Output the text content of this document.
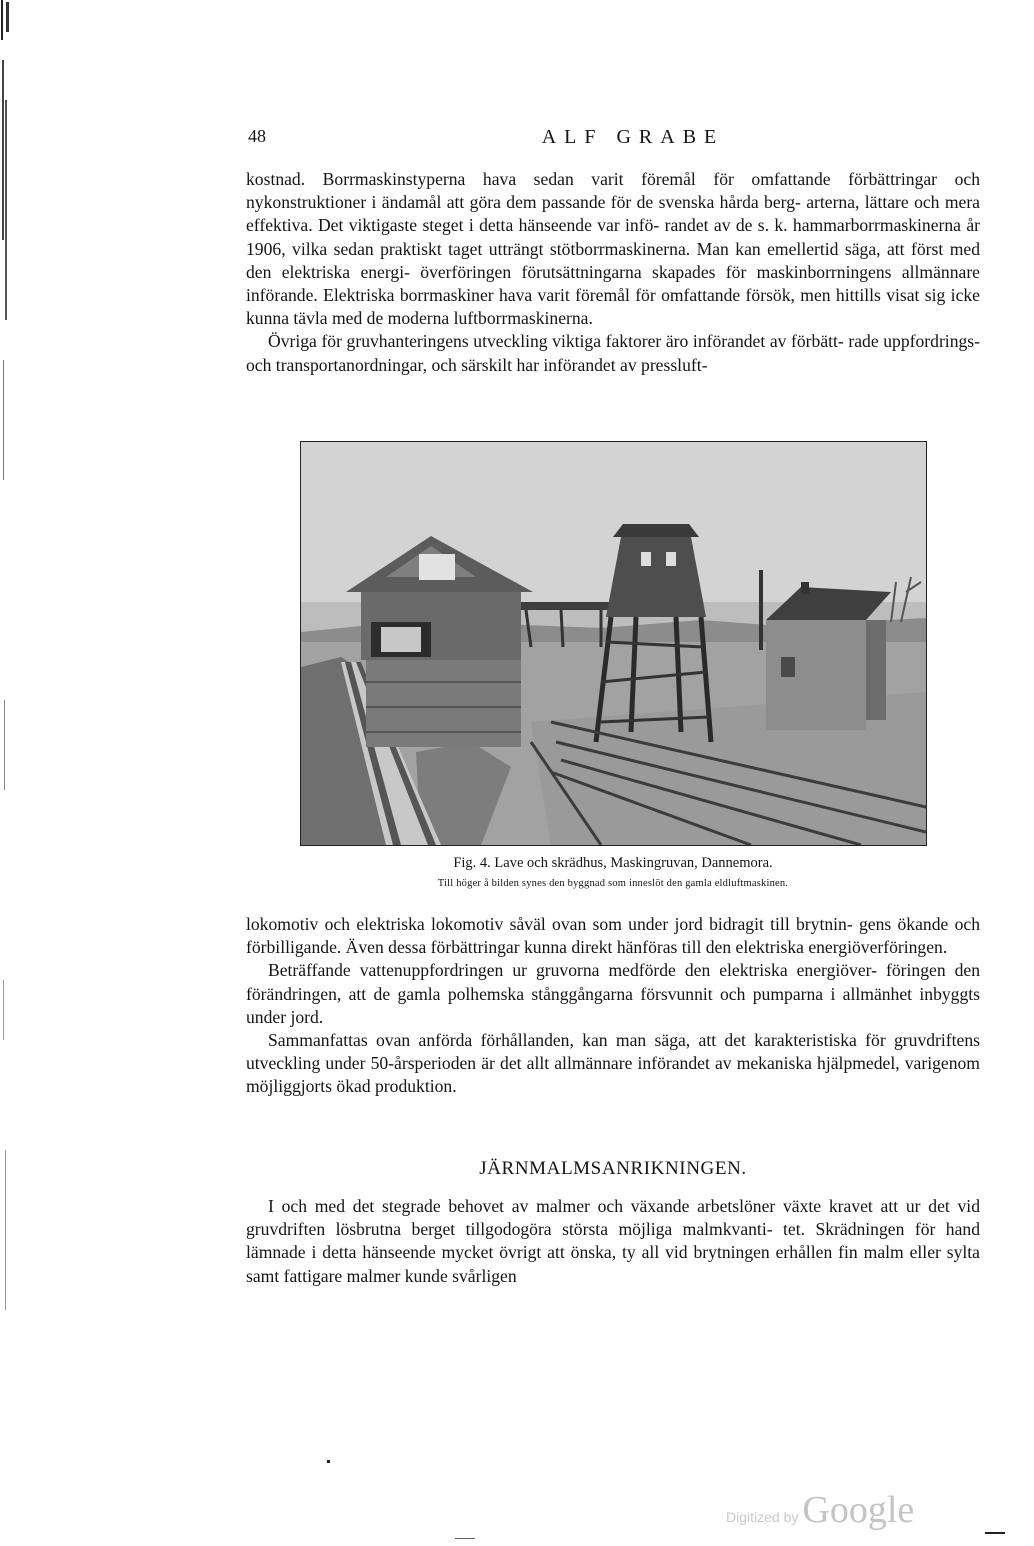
48	ALF GRABE

kostnad. Borrmaskinstyperna hava sedan varit föremål för omfattande förbättringar och nykonstruktioner i ändamål att göra dem passande för de svenska hårda berg- arterna, lättare och mera effektiva. Det viktigaste steget i detta hänseende var infö- randet av de s. k. hammarborrmaskinerna år 1906, vilka sedan praktiskt taget utträngt stötborrmaskinerna. Man kan emellertid säga, att först med den elektriska energi- överföringen förutsättningarna skapades för maskinborrningens allmännare införande. Elektriska borrmaskiner hava varit föremål för omfattande försök, men hittills visat sig icke kunna tävla med de moderna luftborrmaskinerna.

Övriga för gruvhanteringens utveckling viktiga faktorer äro införandet av förbätt- rade uppfordrings- och transportanordningar, och särskilt har införandet av pressluft-

Fig. 4. Lave och skrädhus, Maskingruvan, Dannemora.
Till höger å bilden synes den byggnad som inneslöt den gamla eldluftmaskinen.

lokomotiv och elektriska lokomotiv såväl ovan som under jord bidragit till brytnin- gens ökande och förbilligande. Även dessa förbättringar kunna direkt hänföras till den elektriska energiöverföringen.

Beträffande vattenuppfordringen ur gruvorna medförde den elektriska energiöver- föringen den förändringen, att de gamla polhemska stånggångarna försvunnit och pumparna i allmänhet inbyggts under jord.

Sammanfattas ovan anförda förhållanden, kan man säga, att det karakteristiska för gruvdriftens utveckling under 50-årsperioden är det allt allmännare införandet av mekaniska hjälpmedel, varigenom möjliggjorts ökad produktion.

JÄRNMALMSANRIKNINGEN.

I och med det stegrade behovet av malmer och växande arbetslöner växte kravet att ur det vid gruvdriften lösbrutna berget tillgodogöra största möjliga malmkvanti- tet. Skrädningen för hand lämnade i detta hänseende mycket övrigt att önska, ty all vid brytningen erhållen fin malm eller sylta samt fattigare malmer kunde svårligen

Digitized by Google
